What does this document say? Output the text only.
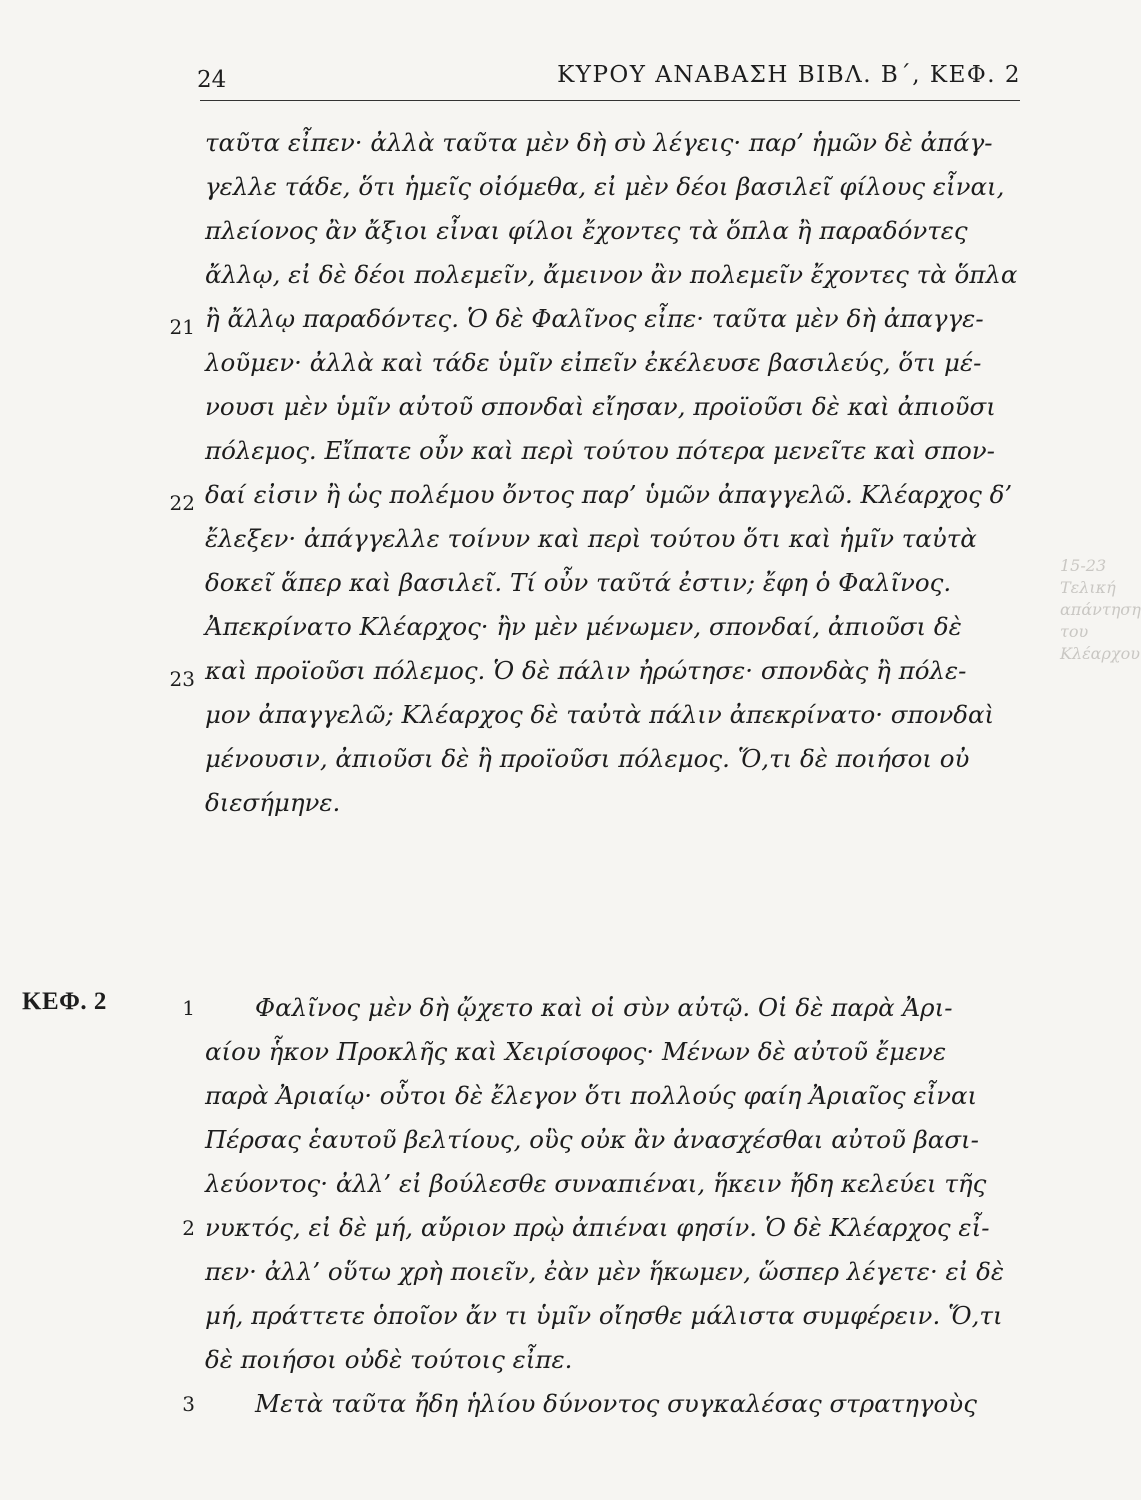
24	ΚΥΡΟΥ ΑΝΑΒΑΣΗ ΒΙΒΛ. Β΄, ΚΕΦ. 2
15-23 Τελική απάντηση του Κλέαρχου
21
22
23
1
2
3
ΚΕΦ. 2
ταῦτα εἶπεν· ἀλλὰ ταῦτα μὲν δὴ σὺ λέγεις· παρ’ ἡμῶν δὲ ἀπάγ-
γελλε τάδε, ὅτι ἡμεῖς οἰόμεθα, εἰ μὲν δέοι βασιλεῖ φίλους εἶναι,
πλείονος ἂν ἄξιοι εἶναι φίλοι ἔχοντες τὰ ὅπλα ἢ παραδόντες
ἄλλῳ, εἰ δὲ δέοι πολεμεῖν, ἄμεινον ἂν πολεμεῖν ἔχοντες τὰ ὅπλα
ἢ ἄλλῳ παραδόντες. Ὁ δὲ Φαλῖνος εἶπε· ταῦτα μὲν δὴ ἀπαγγε-
λοῦμεν· ἀλλὰ καὶ τάδε ὑμῖν εἰπεῖν ἐκέλευσε βασιλεύς, ὅτι μέ-
νουσι μὲν ὑμῖν αὐτοῦ σπονδαὶ εἴησαν, προϊοῦσι δὲ καὶ ἀπιοῦσι
πόλεμος. Εἴπατε οὖν καὶ περὶ τούτου πότερα μενεῖτε καὶ σπον-
δαί εἰσιν ἢ ὡς πολέμου ὄντος παρ’ ὑμῶν ἀπαγγελῶ. Κλέαρχος δ’
ἔλεξεν· ἀπάγγελλε τοίνυν καὶ περὶ τούτου ὅτι καὶ ἡμῖν ταὐτὰ
δοκεῖ ἅπερ καὶ βασιλεῖ. Τί οὖν ταῦτά ἐστιν; ἔφη ὁ Φαλῖνος.
Ἀπεκρίνατο Κλέαρχος· ἢν μὲν μένωμεν, σπονδαί, ἀπιοῦσι δὲ
καὶ προϊοῦσι πόλεμος. Ὁ δὲ πάλιν ἠρώτησε· σπονδὰς ἢ πόλε-
μον ἀπαγγελῶ; Κλέαρχος δὲ ταὐτὰ πάλιν ἀπεκρίνατο· σπονδαὶ
μένουσιν, ἀπιοῦσι δὲ ἢ προϊοῦσι πόλεμος. Ὅ,τι δὲ ποιήσοι οὐ
διεσήμηνε.
Φαλῖνος μὲν δὴ ᾤχετο καὶ οἱ σὺν αὐτῷ. Οἱ δὲ παρὰ Ἀρι-
αίου ἧκον Προκλῆς καὶ Χειρίσοφος· Μένων δὲ αὐτοῦ ἔμενε
παρὰ Ἀριαίῳ· οὗτοι δὲ ἔλεγον ὅτι πολλούς φαίη Ἀριαῖος εἶναι
Πέρσας ἑαυτοῦ βελτίους, οὓς οὐκ ἂν ἀνασχέσθαι αὐτοῦ βασι-
λεύοντος· ἀλλ’ εἰ βούλεσθε συναπιέναι, ἥκειν ἤδη κελεύει τῆς
νυκτός, εἰ δὲ μή, αὔριον πρῲ ἀπιέναι φησίν. Ὁ δὲ Κλέαρχος εἶ-
πεν· ἀλλ’ οὕτω χρὴ ποιεῖν, ἐὰν μὲν ἥκωμεν, ὥσπερ λέγετε· εἰ δὲ
μή, πράττετε ὁποῖον ἄν τι ὑμῖν οἴησθε μάλιστα συμφέρειν. Ὅ,τι
δὲ ποιήσοι οὐδὲ τούτοις εἶπε.
Μετὰ ταῦτα ἤδη ἡλίου δύνοντος συγκαλέσας στρατηγοὺς
